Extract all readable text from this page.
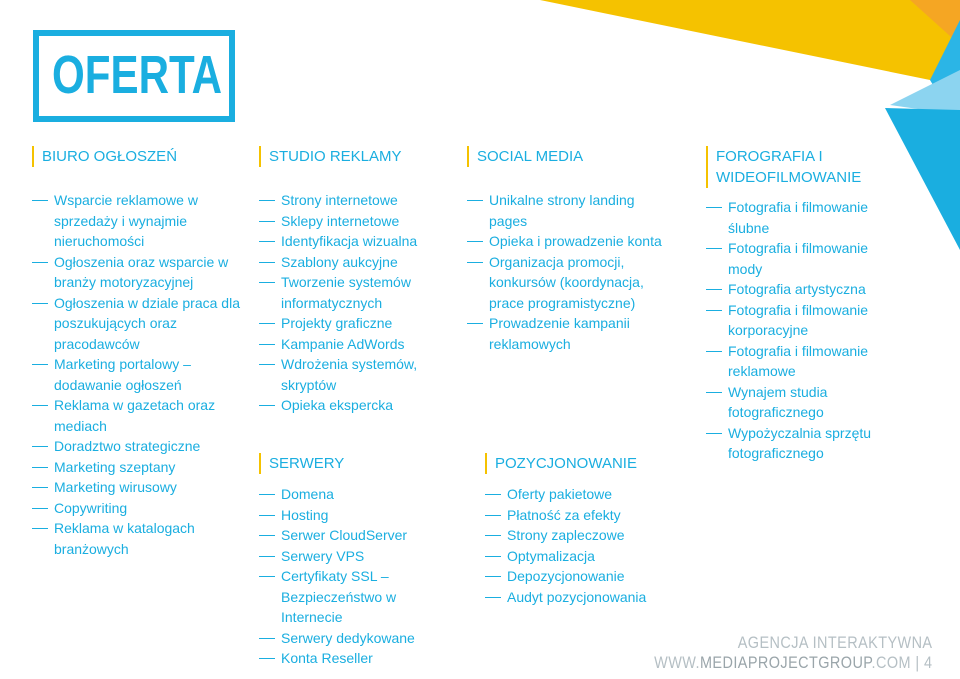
OFERTA
BIURO OGŁOSZEŃ
Wsparcie reklamowe w sprzedaży i wynajmie nieruchomości
Ogłoszenia oraz wsparcie w branży motoryzacyjnej
Ogłoszenia w dziale praca dla poszukujących oraz pracodawców
Marketing portalowy – dodawanie ogłoszeń
Reklama w gazetach oraz mediach
Doradztwo strategiczne
Marketing szeptany
Marketing wirusowy
Copywriting
Reklama w katalogach branżowych
STUDIO REKLAMY
Strony internetowe
Sklepy internetowe
Identyfikacja wizualna
Szablony aukcyjne
Tworzenie systemów informatycznych
Projekty graficzne
Kampanie AdWords
Wdrożenia systemów, skryptów
Opieka ekspercka
SERWERY
Domena
Hosting
Serwer CloudServer
Serwery VPS
Certyfikaty SSL – Bezpieczeństwo w Internecie
Serwery dedykowane
Konta Reseller
SOCIAL MEDIA
Unikalne strony landing pages
Opieka i prowadzenie konta
Organizacja promocji, konkursów (koordynacja, prace programistyczne)
Prowadzenie kampanii reklamowych
POZYCJONOWANIE
Oferty pakietowe
Płatność za efekty
Strony zapleczowe
Optymalizacja
Depozycjonowanie
Audyt pozycjonowania
FOROGRAFIA I WIDEOFILMOWANIE
Fotografia i filmowanie ślubne
Fotografia i filmowanie mody
Fotografia artystyczna
Fotografia i filmowanie korporacyjne
Fotografia i filmowanie reklamowe
Wynajem studia fotograficznego
Wypożyczalnia sprzętu fotograficznego
AGENCJA INTERAKTYWNA
WWW.MEDIAPROJECTGROUP.COM | 4
